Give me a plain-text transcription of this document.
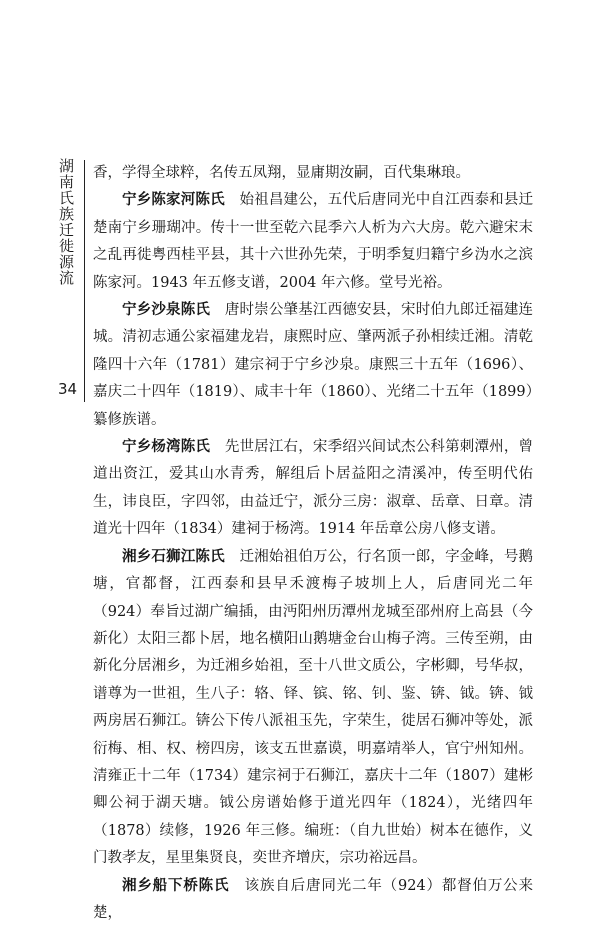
湖南氏族迁徙源流
34

香，学得全球粹，名传五凤翔，显庸期汝嗣，百代集琳琅。

宁乡陈家河陈氏　 始祖昌建公，五代后唐同光中自江西泰和县迁楚南宁乡珊瑚冲。传十一世至乾六昆季六人析为六大房。乾六避宋末之乱再徙粤西桂平县，其十六世孙先荣，于明季复归籍宁乡沩水之滨陈家河。1943 年五修支谱，2004 年六修。堂号光裕。

宁乡沙泉陈氏　 唐时崇公肇基江西德安县，宋时伯九郎迁福建连城。清初志通公家福建龙岩，康熙时应、肇两派子孙相续迁湘。清乾隆四十六年（1781）建宗祠于宁乡沙泉。康熙三十五年（1696）、嘉庆二十四年（1819）、咸丰十年（1860）、光绪二十五年（1899）纂修族谱。

宁乡杨湾陈氏　 先世居江右，宋季绍兴间试杰公科第刺潭州，曾道出资江，爱其山水青秀，解组后卜居益阳之清溪冲，传至明代佑生，讳良臣，字四邻，由益迁宁，派分三房：淑章、岳章、日章。清道光十四年（1834）建祠于杨湾。1914 年岳章公房八修支谱。

湘乡石狮江陈氏　 迁湘始祖伯万公，行名顶一郎，字金峰，号鹅塘，官都督，江西泰和县早禾渡梅子坡圳上人，后唐同光二年（924）奉旨过湖广编插，由沔阳州历潭州龙城至邵州府上高县（今新化）太阳三都卜居，地名横阳山鹅塘金台山梅子湾。三传至朔，由新化分居湘乡，为迁湘乡始祖，至十八世文质公，字彬卿，号华叔，谱尊为一世祖，生八子：辂、铎、镔、铭、钊、鉴、锛、钺。锛、钺两房居石狮江。锛公下传八派祖玉先，字荣生，徙居石狮冲等处，派衍梅、相、权、榜四房，该支五世嘉谟，明嘉靖举人，官宁州知州。清雍正十二年（1734）建宗祠于石狮江，嘉庆十二年（1807）建彬卿公祠于湖天塘。钺公房谱始修于道光四年（1824），光绪四年（1878）续修，1926 年三修。编班：（自九世始）树本在德作，义门教孝友，星里集贤良，奕世齐增庆，宗功裕远昌。

湘乡船下桥陈氏　 该族自后唐同光二年（924）都督伯万公来楚，
